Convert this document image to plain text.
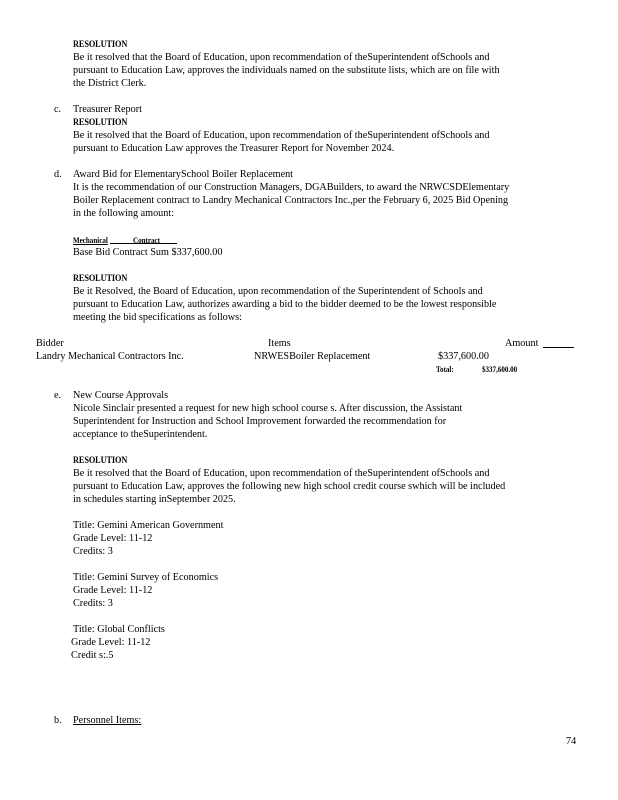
RESOLUTION
Be it resolved that the Board of Education, upon recommendation of theSuperintendent ofSchools and
pursuant to Education Law, approves the individuals named on the substitute lists, which are on file with
the District Clerk.
c. Treasurer Report
RESOLUTION
Be it resolved that the Board of Education, upon recommendation of theSuperintendent ofSchools and
pursuant to Education Law approves the Treasurer Report for November 2024.
d. Award Bid for ElementarySchool Boiler Replacement
It is the recommendation of our Construction Managers, DGABuilders, to award the NRWCSDElementary
Boiler Replacement contract to Landry Mechanical Contractors Inc.,per the February 6, 2025 Bid Opening
in the following amount:
Mechanical	Contract
Base Bid Contract Sum $337,600.00
RESOLUTION
Be it Resolved, the Board of Education, upon recommendation of the Superintendent of Schools and
pursuant to Education Law, authorizes awarding a bid to the bidder deemed to be the lowest responsible
meeting the bid specifications as follows:
Bidder	Items	Amount
Landry Mechanical Contractors Inc.	NRWESBoiler Replacement	$337,600.00
Total:	$337,600.00
e. New Course Approvals
Nicole Sinclair presented a request for new high school course s. After discussion, the Assistant
Superintendent for Instruction and School Improvement forwarded the recommendation for
acceptance to theSuperintendent.
RESOLUTION
Be it resolved that the Board of Education, upon recommendation of theSuperintendent ofSchools and
pursuant to Education Law, approves the following new high school credit course swhich will be included
in schedules starting inSeptember 2025.
Title: Gemini American Government
Grade Level: 11-12
Credits: 3
Title: Gemini Survey of Economics
Grade Level: 11-12
Credits: 3
Title: Global Conflicts
Grade Level: 11-12
Credit s:.5
b. Personnel Items:
74
